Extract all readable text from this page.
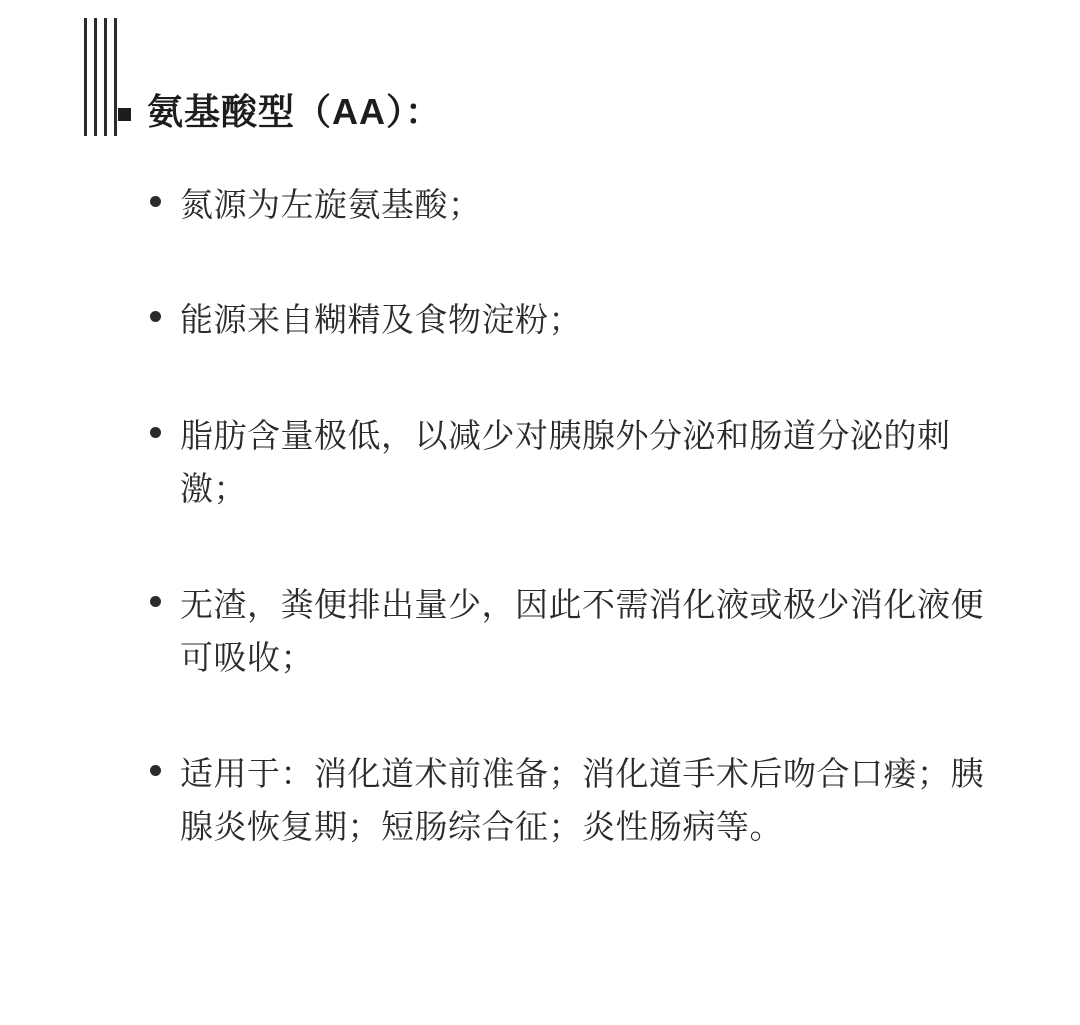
氨基酸型（AA）：
氮源为左旋氨基酸；
能源来自糊精及食物淀粉；
脂肪含量极低，以减少对胰腺外分泌和肠道分泌的刺激；
无渣，粪便排出量少，因此不需消化液或极少消化液便可吸收；
适用于：消化道术前准备；消化道手术后吻合口瘘；胰腺炎恢复期；短肠综合征；炎性肠病等。
